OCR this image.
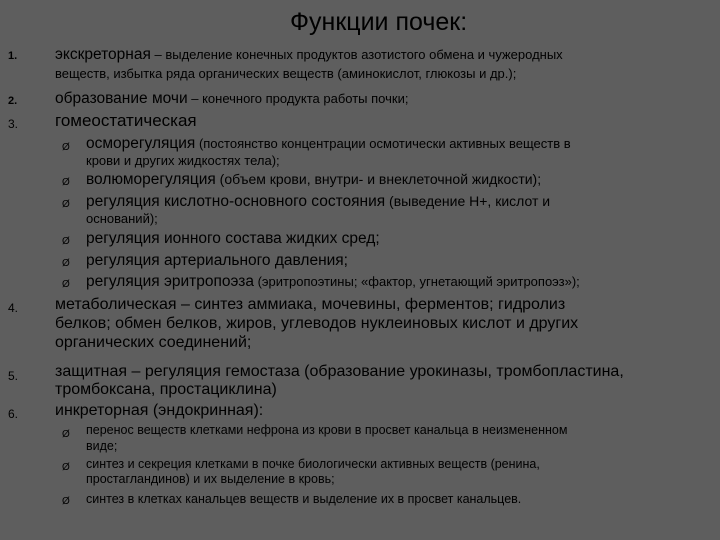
Функции почек:
1. экскреторная – выделение конечных продуктов азотистого обмена и чужеродных
веществ, избытка ряда органических веществ (аминокислот, глюкозы и др.);
2. образование мочи – конечного продукта работы почки;
3. гомеостатическая
Ø осморегуляция (постоянство концентрации осмотически активных веществ в
крови и других жидкостях тела);
Ø волюморегуляция (объем крови, внутри- и внеклеточной жидкости);
Ø регуляция кислотно-основного состояния (выведение Н+, кислот и
оснований);
Ø регуляция ионного состава жидких сред;
Ø регуляция артериального давления;
Ø регуляция эритропоэза (эритропоэтины; «фактор, угнетающий эритропоэз»);
4. метаболическая – синтез аммиака, мочевины, ферментов; гидролиз
белков; обмен белков, жиров, углеводов нуклеиновых кислот и других
органических соединений;
5. защитная – регуляция гемостаза (образование урокиназы, тромбопластина,
тромбоксана, простациклина)
6. инкреторная (эндокринная):
Ø перенос веществ клетками нефрона из крови в просвет канальца в неизмененном
виде;
Ø синтез и секреция клетками в почке биологически активных веществ (ренина,
простагландинов) и их выделение в кровь;
Ø синтез в клетках канальцев веществ и выделение их в просвет канальцев.
